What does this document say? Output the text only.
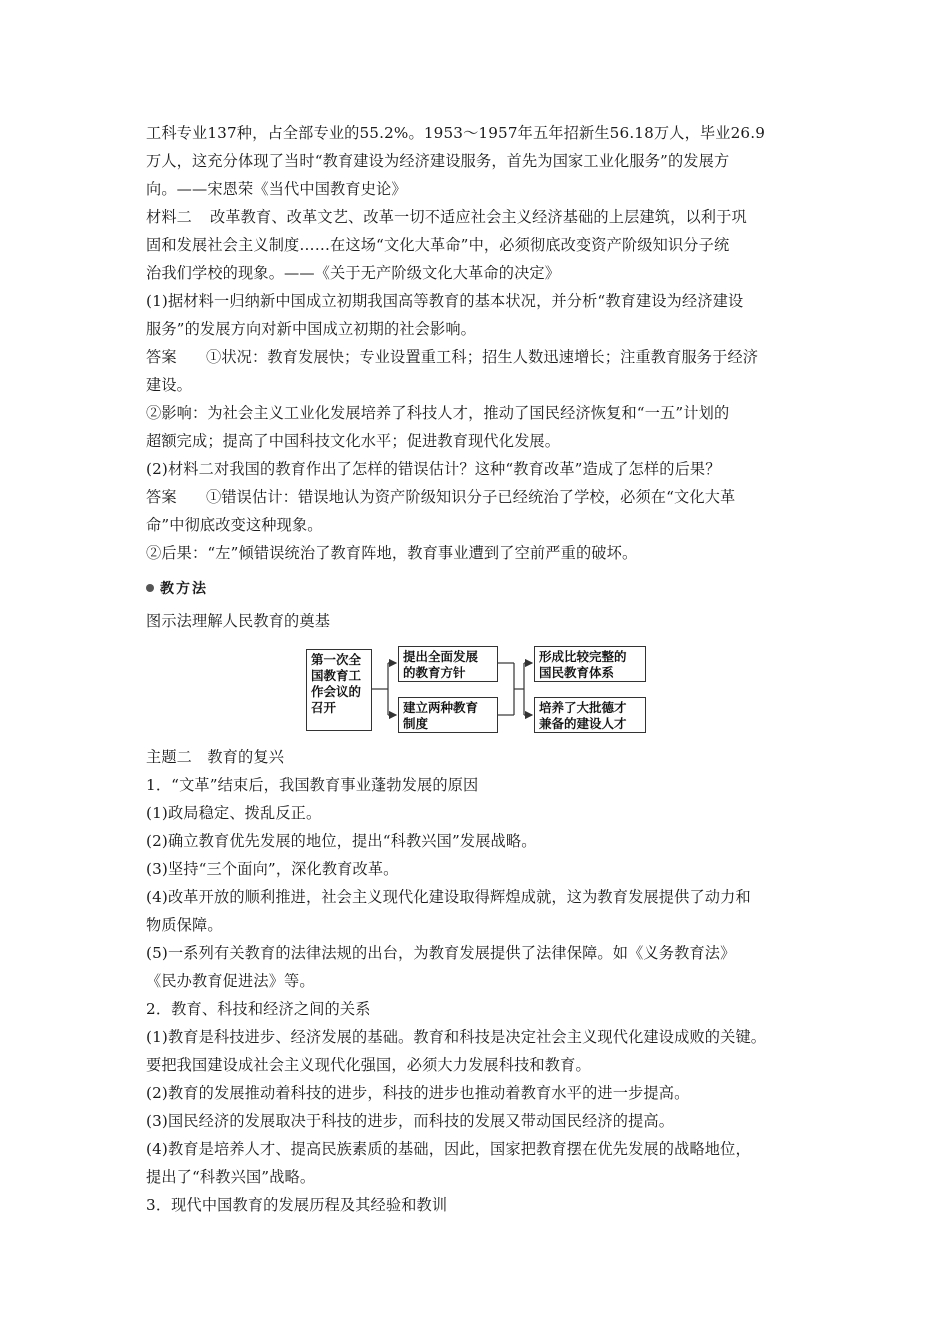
工科专业137种，占全部专业的55.2%。1953～1957年五年招新生56.18万人，毕业26.9
万人，这充分体现了当时“教育建设为经济建设服务，首先为国家工业化服务”的发展方
向。——宋恩荣《当代中国教育史论》
材料二 改革教育、改革文艺、改革一切不适应社会主义经济基础的上层建筑，以利于巩
固和发展社会主义制度……在这场“文化大革命”中，必须彻底改变资产阶级知识分子统
治我们学校的现象。——《关于无产阶级文化大革命的决定》
(1)据材料一归纳新中国成立初期我国高等教育的基本状况，并分析“教育建设为经济建设
服务”的发展方向对新中国成立初期的社会影响。
答案 ①状况：教育发展快；专业设置重工科；招生人数迅速增长；注重教育服务于经济
建设。
②影响：为社会主义工业化发展培养了科技人才，推动了国民经济恢复和“一五”计划的
超额完成；提高了中国科技文化水平；促进教育现代化发展。
(2)材料二对我国的教育作出了怎样的错误估计？这种“教育改革”造成了怎样的后果？
答案 ①错误估计：错误地认为资产阶级知识分子已经统治了学校，必须在“文化大革
命”中彻底改变这种现象。
②后果：“左”倾错误统治了教育阵地，教育事业遭到了空前严重的破坏。
教方法
图示法理解人民教育的奠基
第一次全
国教育工
作会议的
召开
提出全面发展
的教育方针
建立两种教育
制度
形成比较完整的
国民教育体系
培养了大批德才
兼备的建设人才
主题二　教育的复兴
1．“文革”结束后，我国教育事业蓬勃发展的原因
(1)政局稳定、拨乱反正。
(2)确立教育优先发展的地位，提出“科教兴国”发展战略。
(3)坚持“三个面向”，深化教育改革。
(4)改革开放的顺利推进，社会主义现代化建设取得辉煌成就，这为教育发展提供了动力和
物质保障。
(5)一系列有关教育的法律法规的出台，为教育发展提供了法律保障。如《义务教育法》
《民办教育促进法》等。
2．教育、科技和经济之间的关系
(1)教育是科技进步、经济发展的基础。教育和科技是决定社会主义现代化建设成败的关键。
要把我国建设成社会主义现代化强国，必须大力发展科技和教育。
(2)教育的发展推动着科技的进步，科技的进步也推动着教育水平的进一步提高。
(3)国民经济的发展取决于科技的进步，而科技的发展又带动国民经济的提高。
(4)教育是培养人才、提高民族素质的基础，因此，国家把教育摆在优先发展的战略地位，
提出了“科教兴国”战略。
3．现代中国教育的发展历程及其经验和教训
